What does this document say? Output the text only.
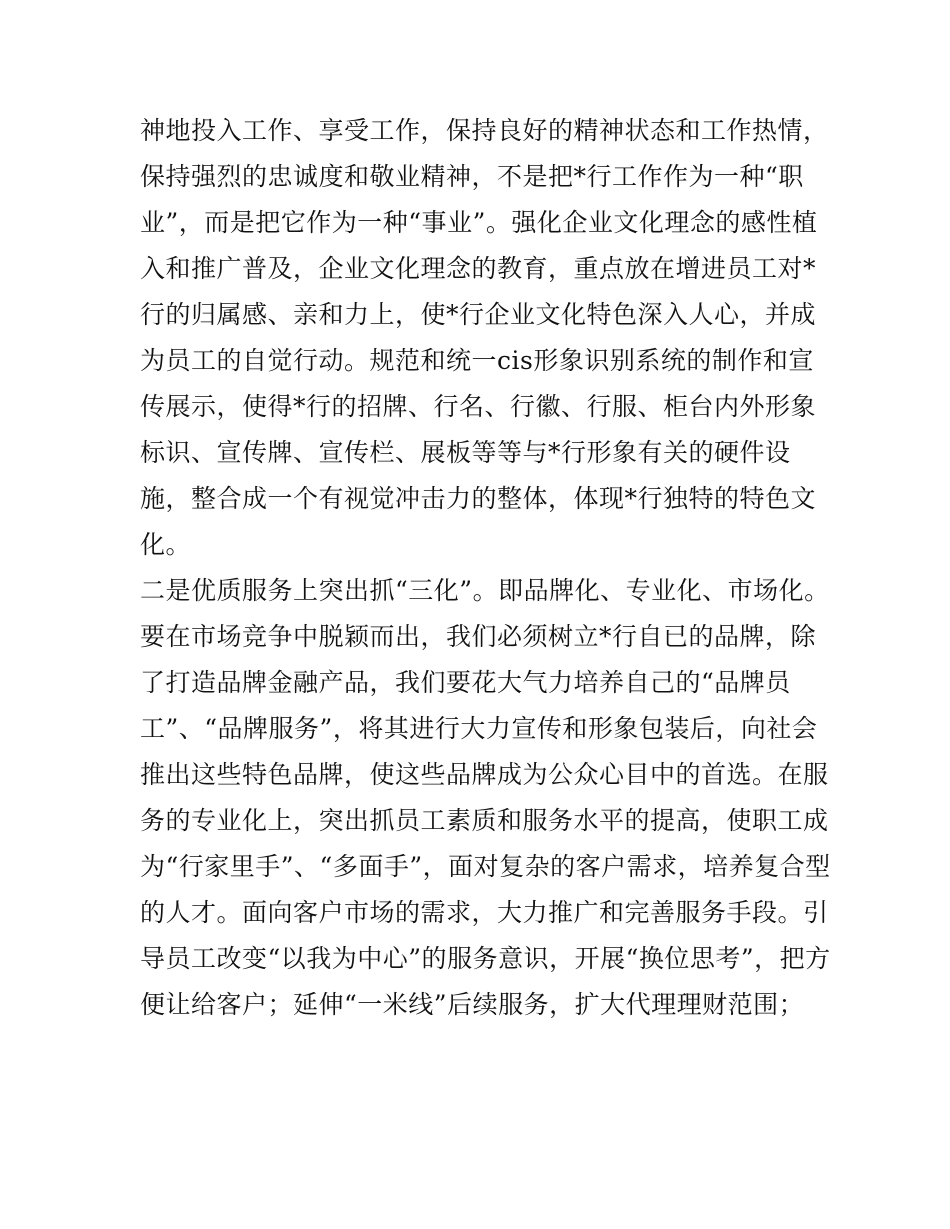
神地投入工作、享受工作，保持良好的精神状态和工作热情，
保持强烈的忠诚度和敬业精神，不是把*行工作作为一种“职
业”，而是把它作为一种“事业”。强化企业文化理念的感性植
入和推广普及，企业文化理念的教育，重点放在增进员工对*
行的归属感、亲和力上，使*行企业文化特色深入人心，并成
为员工的自觉行动。规范和统一cis形象识别系统的制作和宣
传展示，使得*行的招牌、行名、行徽、行服、柜台内外形象
标识、宣传牌、宣传栏、展板等等与*行形象有关的硬件设
施，整合成一个有视觉冲击力的整体，体现*行独特的特色文
化。
二是优质服务上突出抓“三化”。即品牌化、专业化、市场化。
要在市场竞争中脱颖而出，我们必须树立*行自已的品牌，除
了打造品牌金融产品，我们要花大气力培养自己的“品牌员
工”、“品牌服务”，将其进行大力宣传和形象包装后，向社会
推出这些特色品牌，使这些品牌成为公众心目中的首选。在服
务的专业化上，突出抓员工素质和服务水平的提高，使职工成
为“行家里手”、“多面手”，面对复杂的客户需求，培养复合型
的人才。面向客户市场的需求，大力推广和完善服务手段。引
导员工改变“以我为中心”的服务意识，开展“换位思考”，把方
便让给客户；延伸“一米线”后续服务，扩大代理理财范围；
